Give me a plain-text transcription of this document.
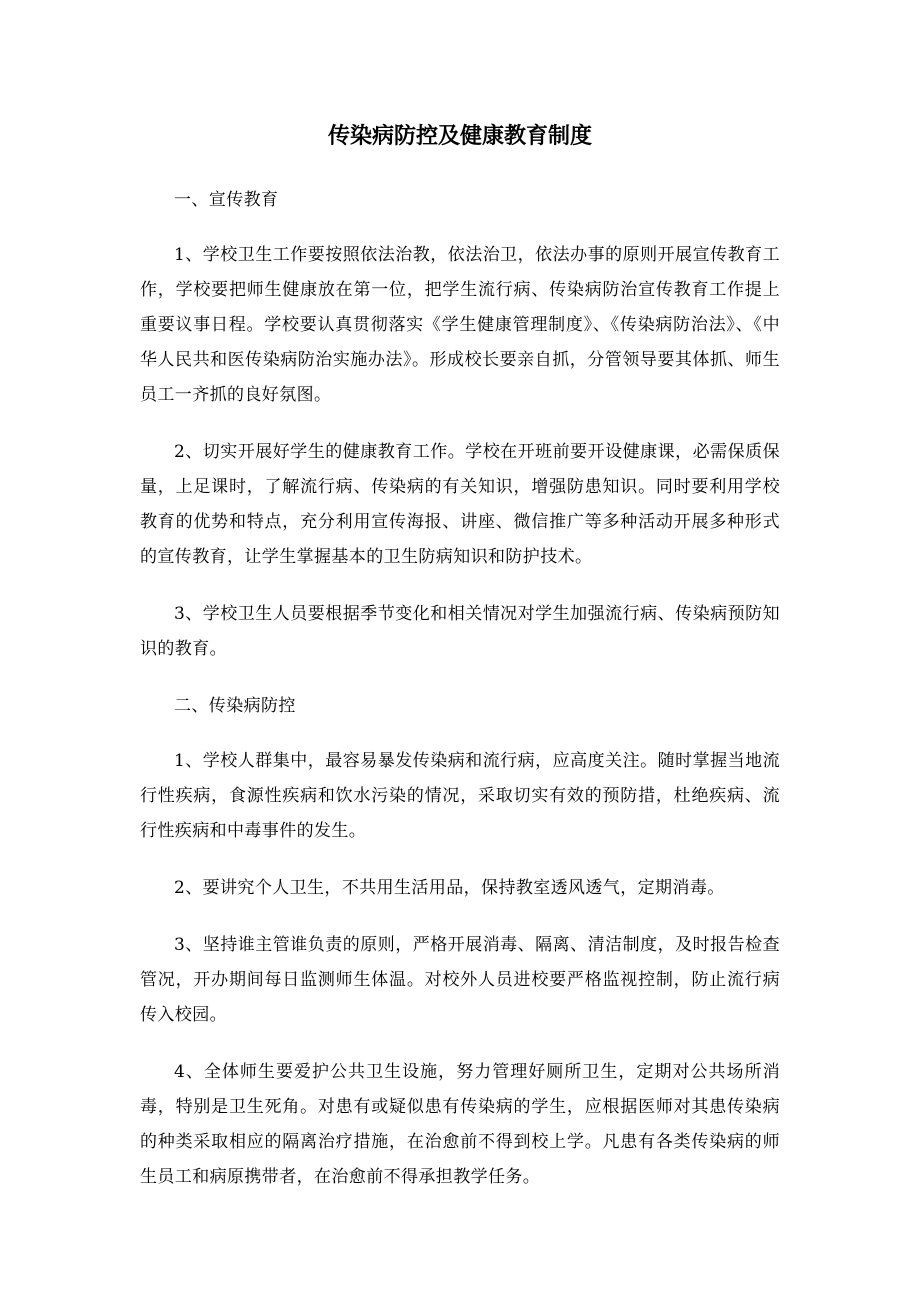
传染病防控及健康教育制度

一、宣传教育

1、学校卫生工作要按照依法治教，依法治卫，依法办事的原则开展宣传教育工作，学校要把师生健康放在第一位，把学生流行病、传染病防治宣传教育工作提上重要议事日程。学校要认真贯彻落实《学生健康管理制度》、《传染病防治法》、《中华人民共和医传染病防治实施办法》。形成校长要亲自抓，分管领导要其体抓、师生员工一齐抓的良好氛图。

2、切实开展好学生的健康教育工作。学校在开班前要开设健康课，必需保质保量，上足课时，了解流行病、传染病的有关知识，增强防患知识。同时要利用学校教育的优势和特点，充分利用宣传海报、讲座、微信推广等多种活动开展多种形式的宣传教育，让学生掌握基本的卫生防病知识和防护技术。

3、学校卫生人员要根据季节变化和相关情况对学生加强流行病、传染病预防知识的教育。

二、传染病防控

1、学校人群集中，最容易暴发传染病和流行病，应高度关注。随时掌握当地流行性疾病，食源性疾病和饮水污染的情况，采取切实有效的预防措，杜绝疾病、流行性疾病和中毒事件的发生。

2、要讲究个人卫生，不共用生活用品，保持教室透风透气，定期消毒。

3、坚持谁主管谁负责的原则，严格开展消毒、隔离、清洁制度，及时报告检查管况，开办期间每日监测师生体温。对校外人员进校要严格监视控制，防止流行病传入校园。

4、全体师生要爱护公共卫生设施，努力管理好厕所卫生，定期对公共场所消毒，特别是卫生死角。对患有或疑似患有传染病的学生，应根据医师对其患传染病的种类采取相应的隔离治疗措施，在治愈前不得到校上学。凡患有各类传染病的师生员工和病原携带者，在治愈前不得承担教学任务。
